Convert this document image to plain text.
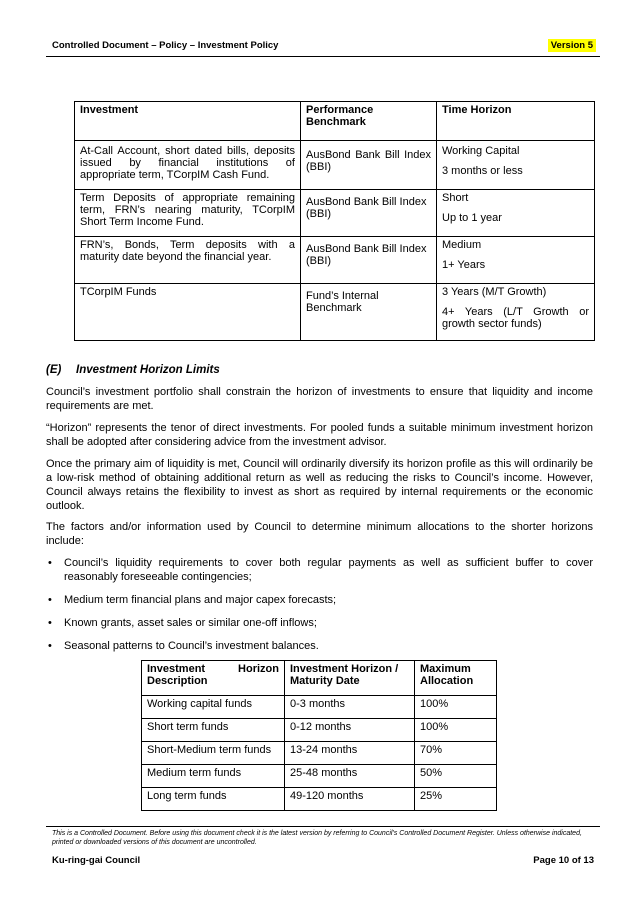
Controlled Document – Policy – Investment Policy	Version 5
Investment	Performance Benchmark	Time Horizon
At-Call Account, short dated bills, deposits issued by financial institutions of appropriate term, TCorpIM Cash Fund.	AusBond Bank Bill Index (BBI)	Working Capital
3 months or less

Term Deposits of appropriate remaining term, FRN’s nearing maturity, TCorpIM Short Term Income Fund.	AusBond Bank Bill Index (BBI)	Short
Up to 1 year

FRN’s, Bonds, Term deposits with a maturity date beyond the financial year.	AusBond Bank Bill Index (BBI)	Medium
1+ Years

TCorpIM Funds	Fund’s Internal Benchmark	3 Years (M/T Growth)
4+ Years (L/T Growth or growth sector funds)
(E) Investment Horizon Limits

Council’s investment portfolio shall constrain the horizon of investments to ensure that liquidity and income requirements are met.

“Horizon” represents the tenor of direct investments. For pooled funds a suitable minimum investment horizon shall be adopted after considering advice from the investment advisor.

Once the primary aim of liquidity is met, Council will ordinarily diversify its horizon profile as this will ordinarily be a low-risk method of obtaining additional return as well as reducing the risks to Council’s income. However, Council always retains the flexibility to invest as short as required by internal requirements or the economic outlook.

The factors and/or information used by Council to determine minimum allocations to the shorter horizons include:

• Council’s liquidity requirements to cover both regular payments as well as sufficient buffer to cover reasonably foreseeable contingencies;
• Medium term financial plans and major capex forecasts;
• Known grants, asset sales or similar one-off inflows;
• Seasonal patterns to Council’s investment balances.
Investment Horizon Description	Investment Horizon / Maturity Date	Maximum Allocation
Working capital funds	0-3 months	100%
Short term funds	0-12 months	100%
Short-Medium term funds	13-24 months	70%
Medium term funds	25-48 months	50%
Long term funds	49-120 months	25%
This is a Controlled Document. Before using this document check it is the latest version by referring to Council’s Controlled Document Register. Unless otherwise indicated, printed or downloaded versions of this document are uncontrolled.
Ku-ring-gai Council	Page 10 of 13
